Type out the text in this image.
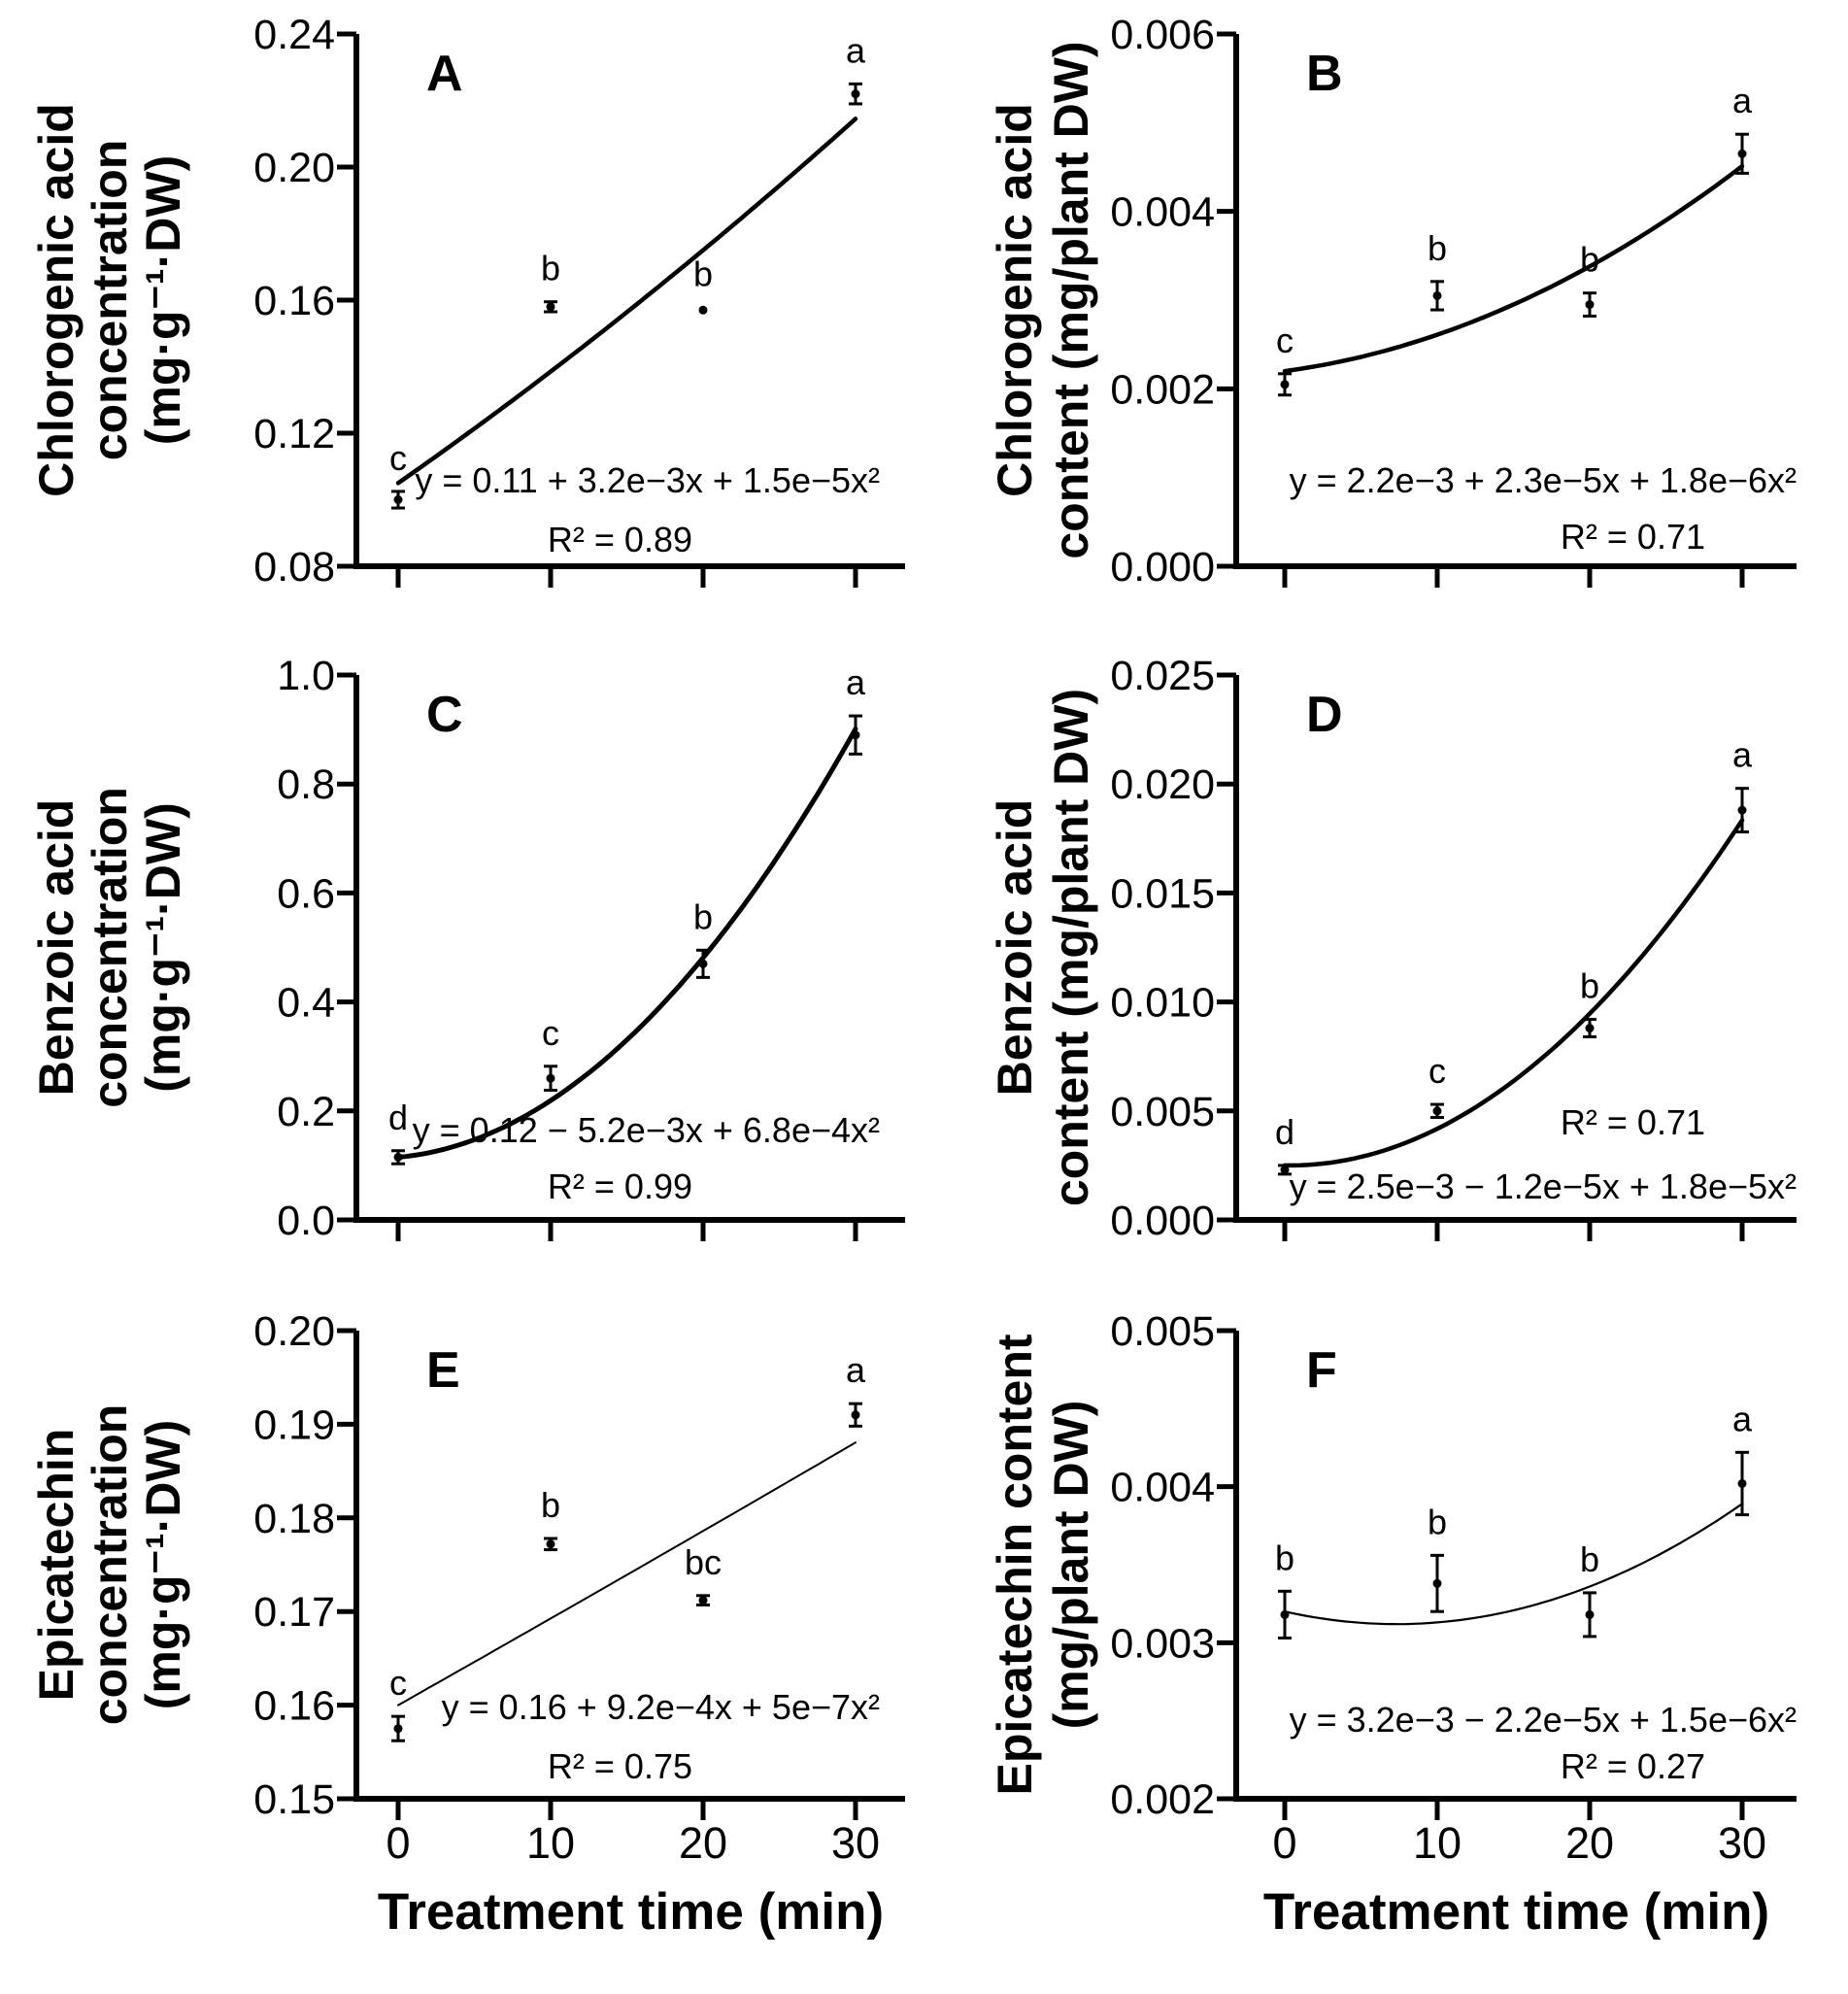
0.24
0.20
0.16
0.12
0.08
Chlorogenic acid concentration (mg·g⁻¹·DW)
c
b	b
a
y = 0.11 + 3.2e−3x + 1.5e−5x²
R² = 0.89
A
0.006
0.004
0.002
0.000
Chlorogenic acid content (mg/plant DW)	c
b	b
a
y = 2.2e−3 + 2.3e−5x + 1.8e−6x²
R² = 0.71
B
1.0
0.8
0.6
0.4
0.2
0.0
Benzoic acid concentration (mg·g⁻¹·DW)
d
c
b
a
y = 0.12 − 5.2e−3x + 6.8e−4x²
R² = 0.99
C
0.025
0.020
0.015
0.010
0.005
0.000
Benzoic acid content (mg/plant DW)	d
c
b
a
y = 2.5e−3 − 1.2e−5x + 1.8e−5x²
R² = 0.71
D
0.20
0.19
0.18
0.17
0.16
0.15
0	10 20 30
Treatment time (min)
Epicatechin concentration (mg·g⁻¹·DW)	c
b
bc
a
y = 0.16 + 9.2e−4x + 5e−7x²
R² = 0.75
E
0.005
0.004
0.003
0.002
0	10 20 30
Treatment time (min)
Epicatechin content (mg/plant DW)	b
b
b
a
y = 3.2e−3 − 2.2e−5x + 1.5e−6x²
R² = 0.27
F
